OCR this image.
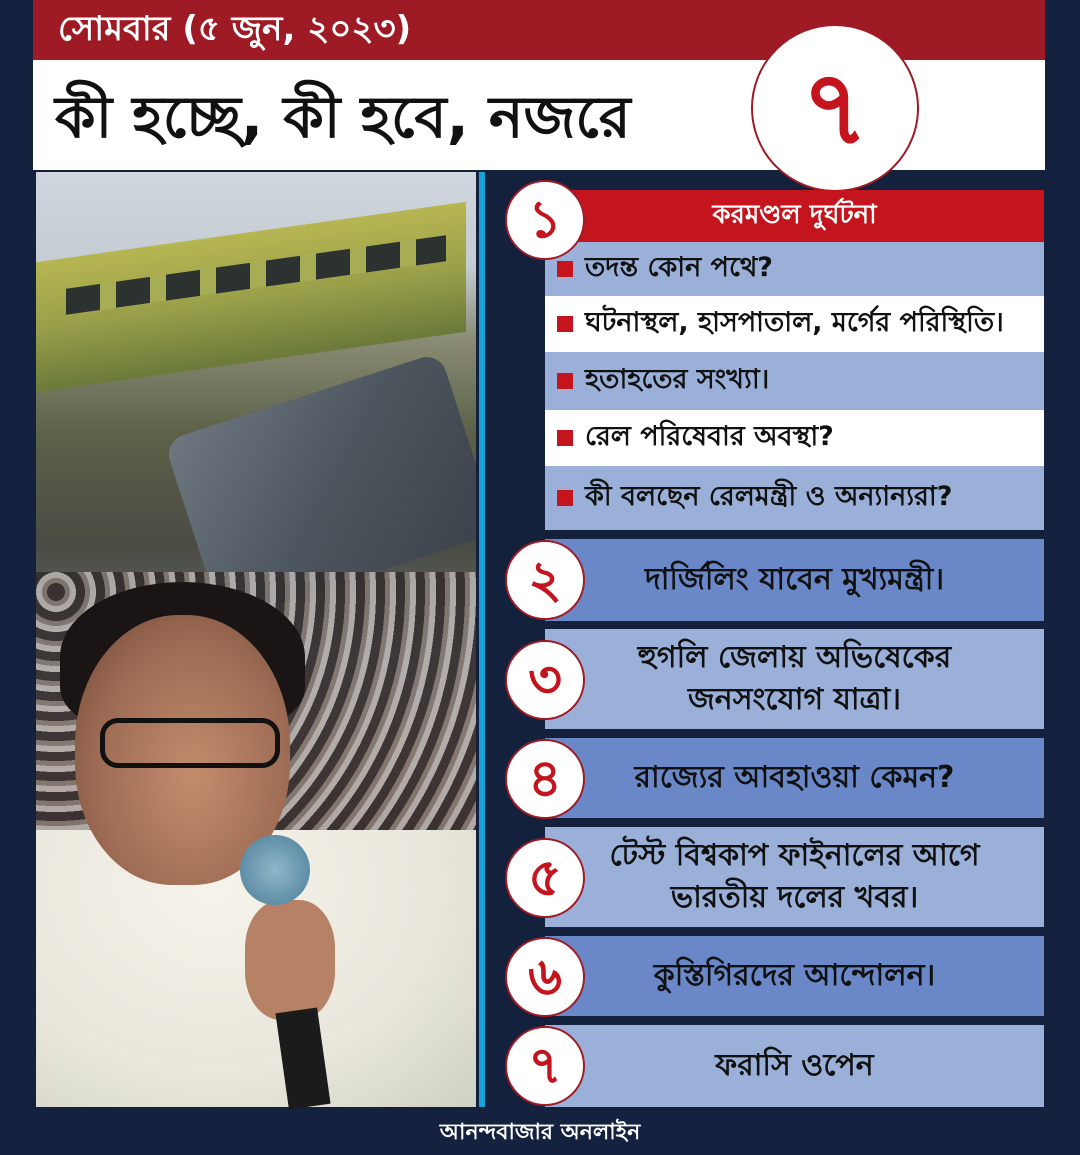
সোমবার (৫ জুন, ২০২৩)
কী হচ্ছে, কী হবে, নজরে ৭
করমণ্ডল দুর্ঘটনা
তদন্ত কোন পথে?
ঘটনাস্থল, হাসপাতাল, মর্গের পরিস্থিতি।
হতাহতের সংখ্যা।
রেল পরিষেবার অবস্থা?
কী বলছেন রেলমন্ত্রী ও অন্যান্যরা?
১
দার্জিলিং যাবেন মুখ্যমন্ত্রী।
২
হুগলি জেলায় অভিষেকের
জনসংযোগ যাত্রা।
৩
রাজ্যের আবহাওয়া কেমন?
৪
টেস্ট বিশ্বকাপ ফাইনালের আগে
ভারতীয় দলের খবর।
৫
কুস্তিগিরদের আন্দোলন।
৬
ফরাসি ওপেন
৭
আনন্দবাজার অনলাইন
